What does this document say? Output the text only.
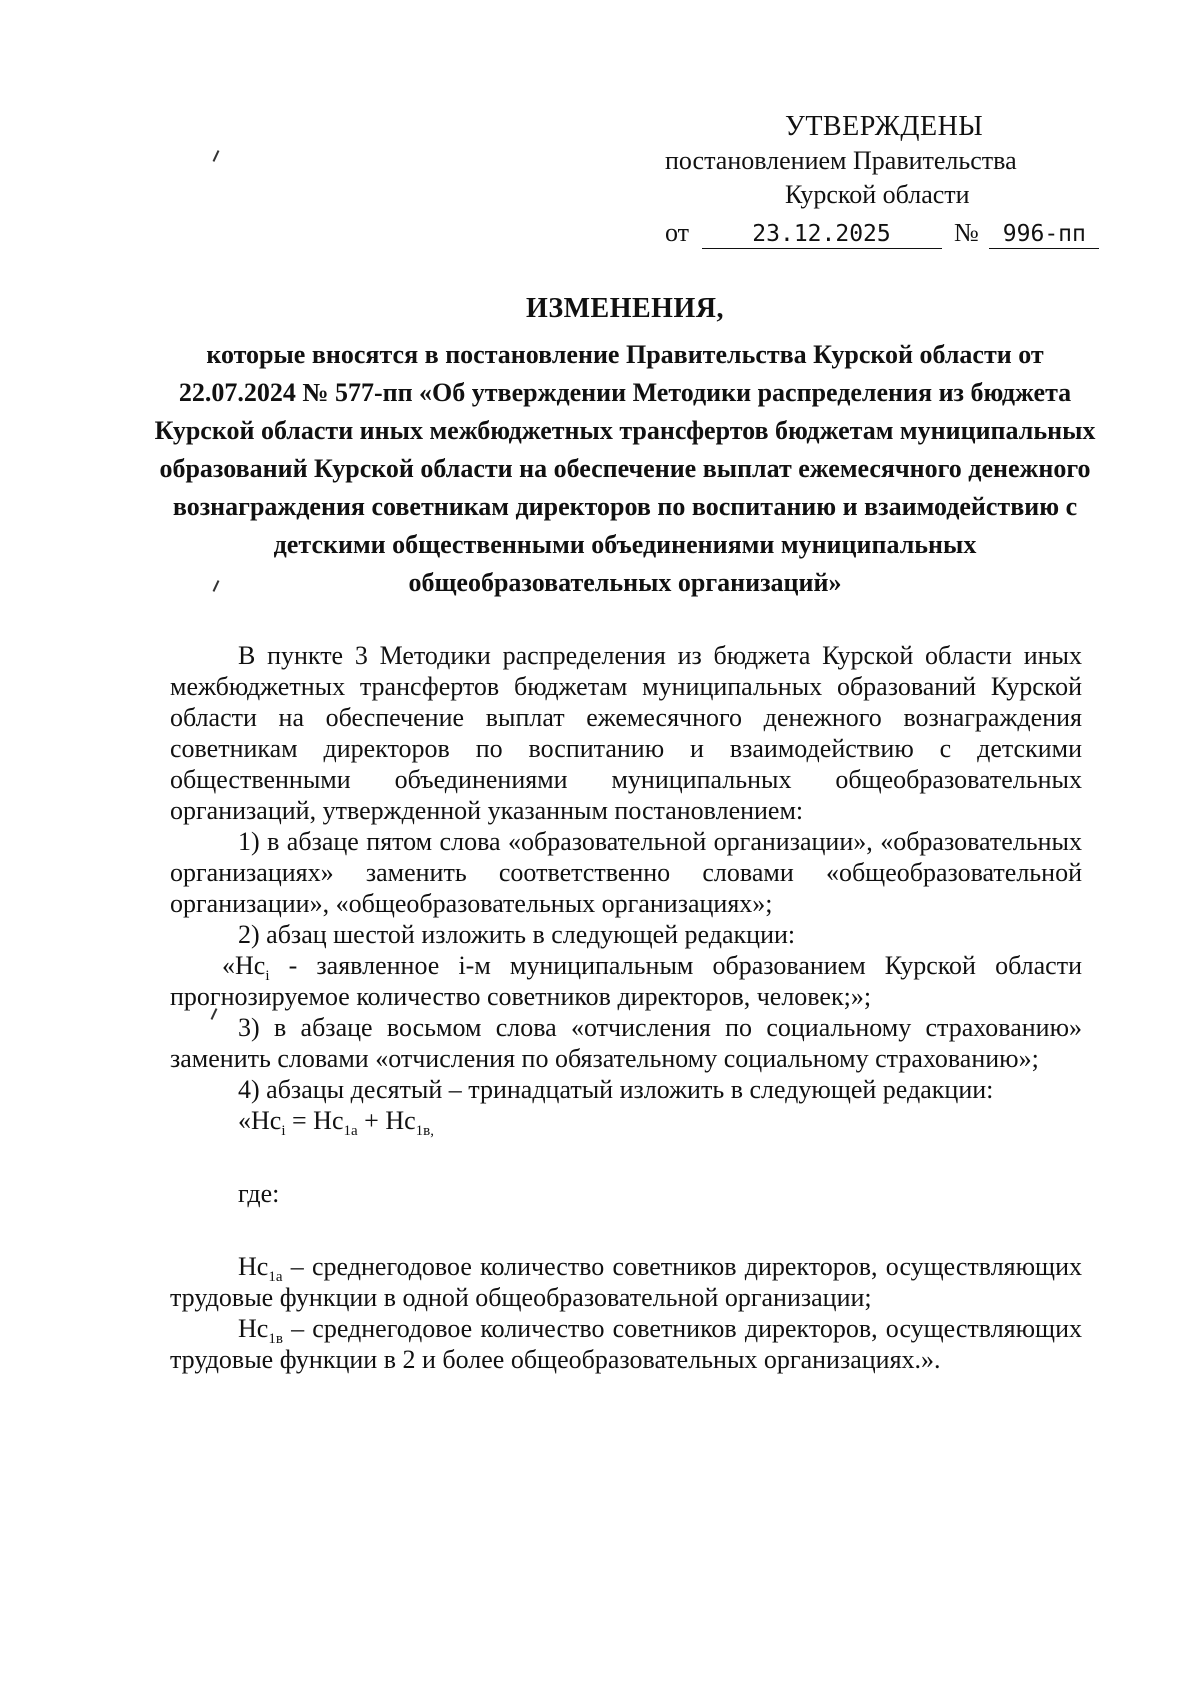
УТВЕРЖДЕНЫ
постановлением Правительства
Курской области
от	23.12.2025 № 996-пп
ИЗМЕНЕНИЯ,
которые вносятся в постановление Правительства Курской области от 22.07.2024 № 577-пп «Об утверждении Методики распределения из бюджета Курской области иных межбюджетных трансфертов бюджетам муниципальных образований Курской области на обеспечение выплат ежемесячного денежного вознаграждения советникам директоров по воспитанию и взаимодействию с детскими общественными объединениями муниципальных общеобразовательных организаций»

В пункте 3 Методики распределения из бюджета Курской области иных межбюджетных трансфертов бюджетам муниципальных образований Курской области на обеспечение выплат ежемесячного денежного вознаграждения советникам директоров по воспитанию и взаимодействию с детскими общественными объединениями муниципальных общеобразовательных организаций, утвержденной указанным постановлением:

1) в абзаце пятом слова «образовательной организации», «образовательных организациях» заменить соответственно словами «общеобразовательной организации», «общеобразовательных организациях»;

2) абзац шестой изложить в следующей редакции:

«$Нс_i$ - заявленное i-м муниципальным образованием Курской области прогнозируемое количество советников директоров, человек;»;

3) в абзаце восьмом слова «отчисления по социальному страхованию» заменить словами «отчисления по обязательному социальному страхованию»;

4) абзацы десятый – тринадцатый изложить в следующей редакции:

«$Нс_i = Нс_{1а} + Нс_{1в,}$

где:

$Нс_{1а}$ – среднегодовое количество советников директоров, осуществляющих трудовые функции в одной общеобразовательной организации;

$Нс_{1в}$ – среднегодовое количество советников директоров, осуществляющих трудовые функции в 2 и более общеобразовательных организациях.».
